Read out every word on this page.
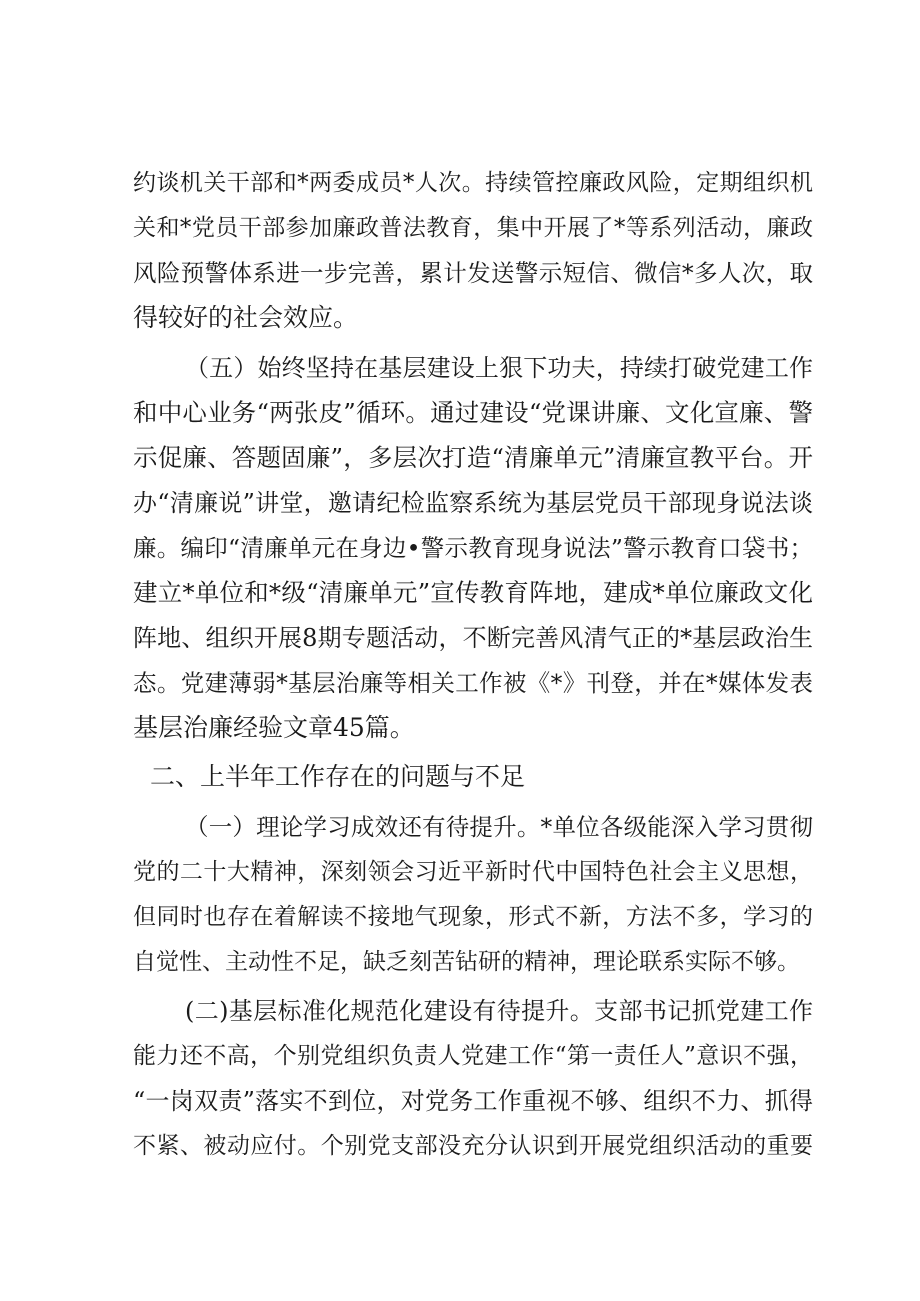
约谈机关干部和*两委成员*人次。持续管控廉政风险，定期组织机
关和*党员干部参加廉政普法教育，集中开展了*等系列活动，廉政
风险预警体系进一步完善，累计发送警示短信、微信*多人次，取
得较好的社会效应。
（五）始终坚持在基层建设上狠下功夫，持续打破党建工作
和中心业务“两张皮”循环。通过建设“党课讲廉、文化宣廉、警
示促廉、答题固廉”，多层次打造“清廉单元”清廉宣教平台。开
办“清廉说”讲堂，邀请纪检监察系统为基层党员干部现身说法谈
廉。编印“清廉单元在身边•警示教育现身说法”警示教育口袋书；
建立*单位和*级“清廉单元”宣传教育阵地，建成*单位廉政文化
阵地、组织开展8期专题活动，不断完善风清气正的*基层政治生
态。党建薄弱*基层治廉等相关工作被《*》刊登，并在*媒体发表
基层治廉经验文章45篇。
二、上半年工作存在的问题与不足
（一）理论学习成效还有待提升。*单位各级能深入学习贯彻
党的二十大精神，深刻领会习近平新时代中国特色社会主义思想，
但同时也存在着解读不接地气现象，形式不新，方法不多，学习的
自觉性、主动性不足，缺乏刻苦钻研的精神，理论联系实际不够。
(二)基层标准化规范化建设有待提升。支部书记抓党建工作
能力还不高，个别党组织负责人党建工作“第一责任人”意识不强，
“一岗双责”落实不到位，对党务工作重视不够、组织不力、抓得
不紧、被动应付。个别党支部没充分认识到开展党组织活动的重要
